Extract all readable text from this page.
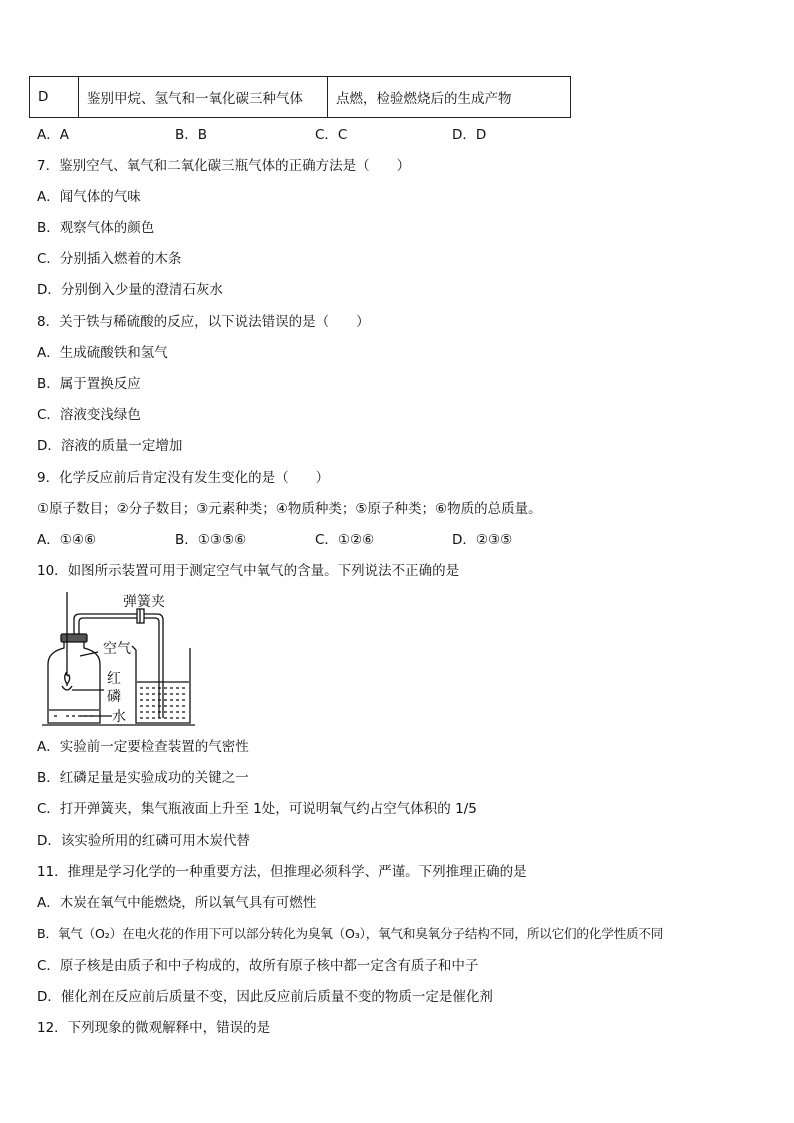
D	鉴别甲烷、氢气和一氧化碳三种气体	点燃，检验燃烧后的生成产物
A．A	B．B	C．C	D．D
7．鉴别空气、氧气和二氧化碳三瓶气体的正确方法是（　　）
A．闻气体的气味
B．观察气体的颜色
C．分别插入燃着的木条
D．分别倒入少量的澄清石灰水
8．关于铁与稀硫酸的反应，以下说法错误的是（　　）
A．生成硫酸铁和氢气
B．属于置换反应
C．溶液变浅绿色
D．溶液的质量一定增加
9．化学反应前后肯定没有发生变化的是（　　）
①原子数目；②分子数目；③元素种类；④物质种类；⑤原子种类；⑥物质的总质量。
A．①④⑥	B．①③⑤⑥	C．①②⑥	D．②③⑤
10．如图所示装置可用于测定空气中氧气的含量。下列说法不正确的是
弹簧夹
空气
红
磷
水
A．实验前一定要检查装置的气密性
B．红磷足量是实验成功的关键之一
C．打开弹簧夹，集气瓶液面上升至 1处，可说明氧气约占空气体积的 1/5
D．该实验所用的红磷可用木炭代替
11．推理是学习化学的一种重要方法，但推理必须科学、严谨。下列推理正确的是
A．木炭在氧气中能燃烧，所以氧气具有可燃性
B．氧气（O₂）在电火花的作用下可以部分转化为臭氧（O₃），氧气和臭氧分子结构不同，所以它们的化学性质不同
C．原子核是由质子和中子构成的，故所有原子核中都一定含有质子和中子
D．催化剂在反应前后质量不变，因此反应前后质量不变的物质一定是催化剂
12．下列现象的微观解释中，错误的是
